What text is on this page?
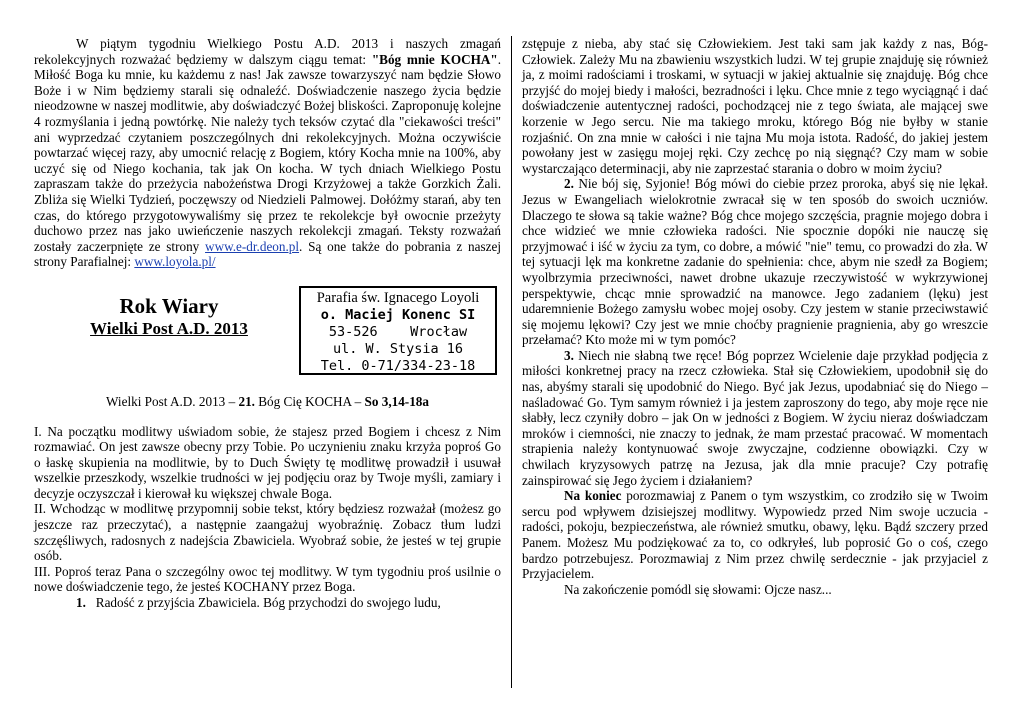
W piątym tygodniu Wielkiego Postu A.D. 2013 i naszych zmagań rekolekcyjnych rozważać będziemy w dalszym ciągu temat: "Bóg mnie KOCHA". Miłość Boga ku mnie, ku każdemu z nas! Jak zawsze towarzyszyć nam będzie Słowo Boże i w Nim będziemy starali się odnaleźć. Doświadczenie naszego życia będzie nieodzowne w naszej modlitwie, aby doświadczyć Bożej bliskości. Zaproponuję kolejne 4 rozmyślania i jedną powtórkę. Nie należy tych teksów czytać dla "ciekawości treści" ani wyprzedzać czytaniem poszczególnych dni rekolekcyjnych. Można oczywiście powtarzać więcej razy, aby umocnić relację z Bogiem, który Kocha mnie na 100%, aby uczyć się od Niego kochania, tak jak On kocha. W tych dniach Wielkiego Postu zapraszam także do przeżycia nabożeństwa Drogi Krzyżowej a także Gorzkich Żali. Zbliża się Wielki Tydzień, poczęwszy od Niedzieli Palmowej. Dołóżmy starań, aby ten czas, do którego przygotowywaliśmy się przez te rekolekcje był owocnie przeżyty duchowo przez nas jako uwieńczenie naszych rekolekcji zmagań. Teksty rozważań zostały zaczerpnięte ze strony www.e-dr.deon.pl. Są one także do pobrania z naszej strony Parafialnej: www.loyola.pl/

Rok Wiary
Wielki Post A.D. 2013
Parafia św. Ignacego Loyoli
o. Maciej Konenc SI
53-526    Wrocław
ul. W. Stysia 16
Tel. 0-71/334-23-18
Wielki Post A.D. 2013 – 21. Bóg Cię KOCHA – So 3,14-18a

I. Na początku modlitwy uświadom sobie, że stajesz przed Bogiem i chcesz z Nim rozmawiać. On jest zawsze obecny przy Tobie. Po uczynieniu znaku krzyża poproś Go o łaskę skupienia na modlitwie, by to Duch Święty tę modlitwę prowadził i usuwał wszelkie przeszkody, wszelkie trudności w jej podjęciu oraz by Twoje myśli, zamiary i decyzje oczyszczał i kierował ku większej chwale Boga.

II. Wchodząc w modlitwę przypomnij sobie tekst, który będziesz rozważał (możesz go jeszcze raz przeczytać), a następnie zaangażuj wyobraźnię. Zobacz tłum ludzi szczęśliwych, radosnych z nadejścia Zbawiciela. Wyobraź sobie, że jesteś w tej grupie osób.

III. Poproś teraz Pana o szczególny owoc tej modlitwy. W tym tygodniu proś usilnie o nowe doświadczenie tego, że jesteś KOCHANY przez Boga.

1. Radość z przyjścia Zbawiciela. Bóg przychodzi do swojego ludu,

zstępuje z nieba, aby stać się Człowiekiem. Jest taki sam jak każdy z nas, Bóg-Człowiek. Zależy Mu na zbawieniu wszystkich ludzi. W tej grupie znajduję się również ja, z moimi radościami i troskami, w sytuacji w jakiej aktualnie się znajduję. Bóg chce przyjść do mojej biedy i małości, bezradności i lęku. Chce mnie z tego wyciągnąć i dać doświadczenie autentycznej radości, pochodzącej nie z tego świata, ale mającej swe korzenie w Jego sercu. Nie ma takiego mroku, którego Bóg nie byłby w stanie rozjaśnić. On zna mnie w całości i nie tajna Mu moja istota. Radość, do jakiej jestem powołany jest w zasięgu mojej ręki. Czy zechcę po nią sięgnąć? Czy mam w sobie wystarczająco determinacji, aby nie zaprzestać starania o dobro w moim życiu?

2. Nie bój się, Syjonie! Bóg mówi do ciebie przez proroka, abyś się nie lękał. Jezus w Ewangeliach wielokrotnie zwracał się w ten sposób do swoich uczniów. Dlaczego te słowa są takie ważne? Bóg chce mojego szczęścia, pragnie mojego dobra i chce widzieć we mnie człowieka radości. Nie spocznie dopóki nie nauczę się przyjmować i iść w życiu za tym, co dobre, a mówić "nie" temu, co prowadzi do zła. W tej sytuacji lęk ma konkretne zadanie do spełnienia: chce, abym nie szedł za Bogiem; wyolbrzymia przeciwności, nawet drobne ukazuje rzeczywistość w wykrzywionej perspektywie, chcąc mnie sprowadzić na manowce. Jego zadaniem (lęku) jest udaremnienie Bożego zamysłu wobec mojej osoby. Czy jestem w stanie przeciwstawić się mojemu lękowi? Czy jest we mnie choćby pragnienie pragnienia, aby go wreszcie przełamać? Kto może mi w tym pomóc?

3. Niech nie słabną twe ręce! Bóg poprzez Wcielenie daje przykład podjęcia z miłości konkretnej pracy na rzecz człowieka. Stał się Człowiekiem, upodobnił się do nas, abyśmy starali się upodobnić do Niego. Być jak Jezus, upodabniać się do Niego – naśladować Go. Tym samym również i ja jestem zaproszony do tego, aby moje ręce nie słabły, lecz czyniły dobro – jak On w jedności z Bogiem. W życiu nieraz doświadczam mroków i ciemności, nie znaczy to jednak, że mam przestać pracować. W momentach strapienia należy kontynuować swoje zwyczajne, codzienne obowiązki. Czy w chwilach kryzysowych patrzę na Jezusa, jak dla mnie pracuje? Czy potrafię zainspirować się Jego życiem i działaniem?

Na koniec porozmawiaj z Panem o tym wszystkim, co zrodziło się w Twoim sercu pod wpływem dzisiejszej modlitwy. Wypowiedz przed Nim swoje uczucia - radości, pokoju, bezpieczeństwa, ale również smutku, obawy, lęku. Bądź szczery przed Panem. Możesz Mu podziękować za to, co odkryłeś, lub poprosić Go o coś, czego bardzo potrzebujesz. Porozmawiaj z Nim przez chwilę serdecznie - jak przyjaciel z Przyjacielem.

Na zakończenie pomódl się słowami: Ojcze nasz...
